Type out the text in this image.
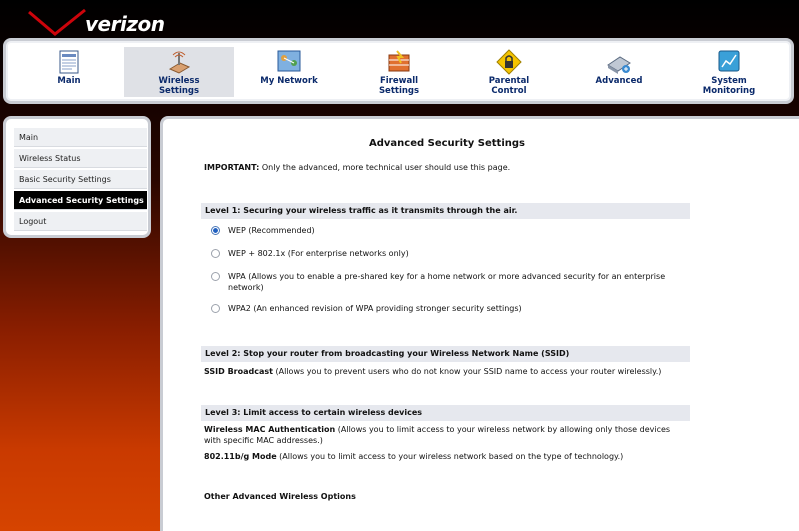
verizon
Main	Wireless
Settings
My Network	Firewall
Settings
Parental
Control
Advanced	System
Monitoring
Main
Wireless Status
Basic Security Settings
Advanced Security Settings
Logout
Advanced Security Settings
IMPORTANT: Only the advanced, more technical user should use this page.
Level 1: Securing your wireless traffic as it transmits through the air.
WEP (Recommended)
WEP + 802.1x (For enterprise networks only)
WPA (Allows you to enable a pre-shared key for a home network or more advanced security for an enterprise network)
WPA2 (An enhanced revision of WPA providing stronger security settings)
Level 2: Stop your router from broadcasting your Wireless Network Name (SSID)
SSID Broadcast (Allows you to prevent users who do not know your SSID name to access your router wirelessly.)
Level 3: Limit access to certain wireless devices
Wireless MAC Authentication (Allows you to limit access to your wireless network by allowing only those devices with specific MAC addresses.)
802.11b/g Mode (Allows you to limit access to your wireless network based on the type of technology.)
Other Advanced Wireless Options
